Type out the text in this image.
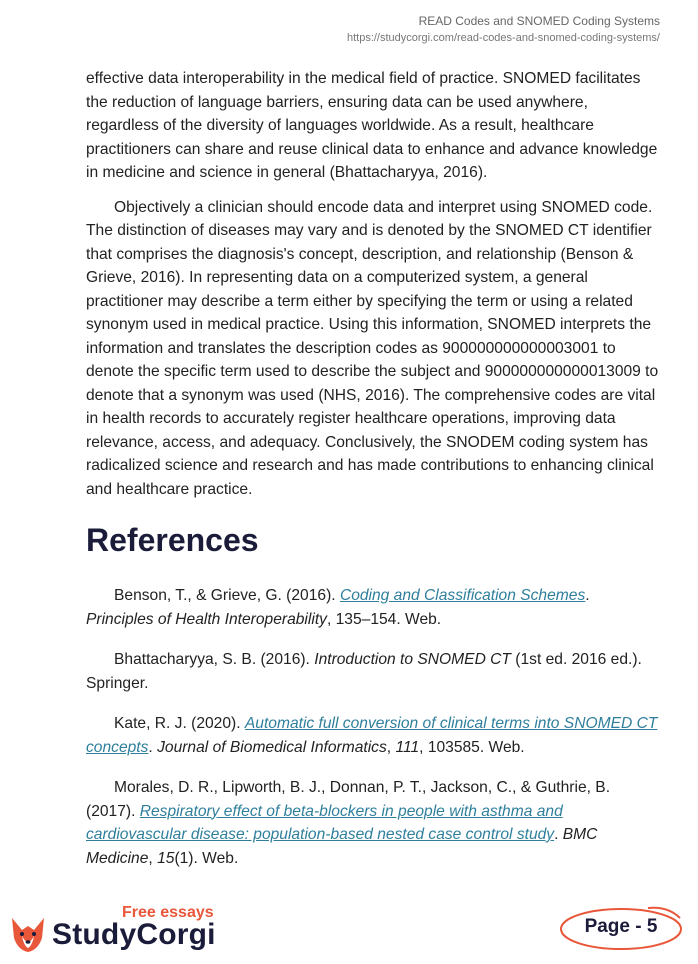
READ Codes and SNOMED Coding Systems
https://studycorgi.com/read-codes-and-snomed-coding-systems/

effective data interoperability in the medical field of practice. SNOMED facilitates the reduction of language barriers, ensuring data can be used anywhere, regardless of the diversity of languages worldwide. As a result, healthcare practitioners can share and reuse clinical data to enhance and advance knowledge in medicine and science in general (Bhattacharyya, 2016).

Objectively a clinician should encode data and interpret using SNOMED code. The distinction of diseases may vary and is denoted by the SNOMED CT identifier that comprises the diagnosis's concept, description, and relationship (Benson & Grieve, 2016). In representing data on a computerized system, a general practitioner may describe a term either by specifying the term or using a related synonym used in medical practice. Using this information, SNOMED interprets the information and translates the description codes as 900000000000003001 to denote the specific term used to describe the subject and 900000000000013009 to denote that a synonym was used (NHS, 2016). The comprehensive codes are vital in health records to accurately register healthcare operations, improving data relevance, access, and adequacy. Conclusively, the SNODEM coding system has radicalized science and research and has made contributions to enhancing clinical and healthcare practice.

References
Benson, T., & Grieve, G. (2016). Coding and Classification Schemes. Principles of Health Interoperability, 135–154. Web.
Bhattacharyya, S. B. (2016). Introduction to SNOMED CT (1st ed. 2016 ed.). Springer.
Kate, R. J. (2020). Automatic full conversion of clinical terms into SNOMED CT concepts. Journal of Biomedical Informatics, 111, 103585. Web.
Morales, D. R., Lipworth, B. J., Donnan, P. T., Jackson, C., & Guthrie, B. (2017). Respiratory effect of beta-blockers in people with asthma and cardiovascular disease: population-based nested case control study. BMC Medicine, 15(1). Web.
Free essays
StudyCorgi	Page - 5
